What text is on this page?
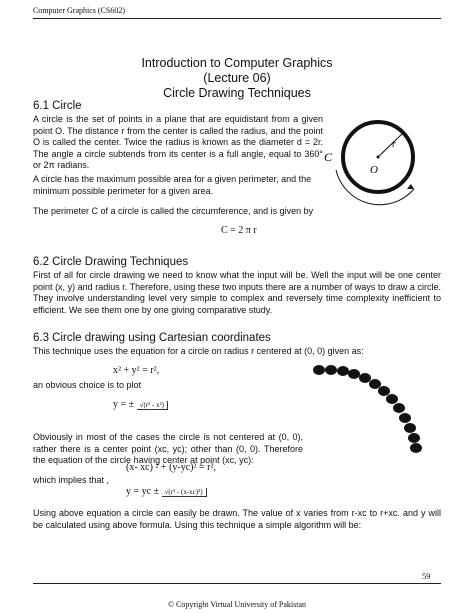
Computer Graphics (CS602)
Introduction to Computer Graphics
(Lecture 06)
Circle Drawing Techniques
6.1 Circle

A circle is the set of points in a plane that are equidistant from a given point O. The distance r from the center is called the radius, and the point O is called the center. Twice the radius is known as the diameter d = 2r. The angle a circle subtends from its center is a full angle, equal to 360° or 2π radians.

A circle has the maximum possible area for a given perimeter, and the minimum possible perimeter for a given area.

The perimeter C of a circle is called the circumference, and is given by

C = 2 π r
r
O
C
6.2 Circle Drawing Techniques

First of all for circle drawing we need to know what the input will be. Well the input will be one center point (x, y) and radius r. Therefore, using these two inputs there are a number of ways to draw a circle. They involve understanding level very simple to complex and reversely time complexity inefficient to efficient. We see them one by one giving comparative study.

6.3 Circle drawing using Cartesian coordinates

This technique uses the equation for a circle on radius r centered at (0, 0) given as:

x² + y² = r²,

an obvious choice is to plot

y = ± √(r² - x²)

Obviously in most of the cases the circle is not centered at (0, 0), rather there is a center point (xc, yc); other than (0, 0). Therefore the equation of the circle having center at point (xc, yc):

(x- xc) ² + (y-yc)² = r²,

which implies that ,

y = yc ± √(r² - (x-xc)²)

Using above equation a circle can easily be drawn. The value of x varies from r-xc to r+xc. and y will be calculated using above formula. Using this technique a simple algorithm will be:

59
© Copyright Virtual University of Pakistan
